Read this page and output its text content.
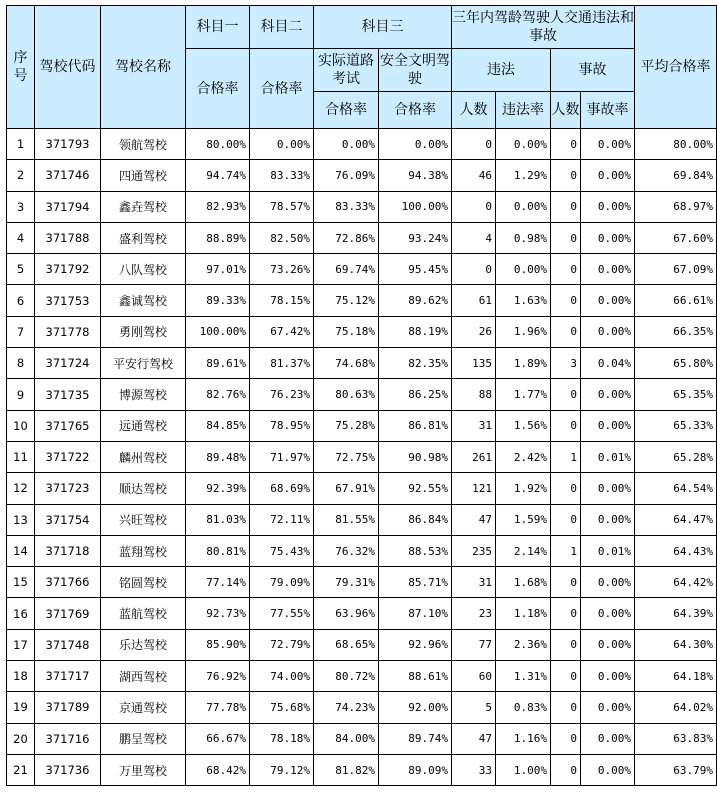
序号	驾校代码	驾校名称	科目一	科目二	科目三		三年内驾龄驾驶人交通违法和事故				平均合格率
			合格率	合格率	实际道路考试	安全文明驾驶	违法		事故		
					合格率	合格率	人数	违法率	人数	事故率	
1	371793	领航驾校	80.00%	0.00%	0.00%	0.00%	0	0.00%	0	0.00%	80.00%
2	371746	四通驾校	94.74%	83.33%	76.09%	94.38%	46	1.29%	0	0.00%	69.84%
3	371794	鑫垚驾校	82.93%	78.57%	83.33%	100.00%	0	0.00%	0	0.00%	68.97%
4	371788	盛利驾校	88.89%	82.50%	72.86%	93.24%	4	0.98%	0	0.00%	67.60%
5	371792	八队驾校	97.01%	73.26%	69.74%	95.45%	0	0.00%	0	0.00%	67.09%
6	371753	鑫诚驾校	89.33%	78.15%	75.12%	89.62%	61	1.63%	0	0.00%	66.61%
7	371778	勇刚驾校	100.00%	67.42%	75.18%	88.19%	26	1.96%	0	0.00%	66.35%
8	371724	平安行驾校	89.61%	81.37%	74.68%	82.35%	135	1.89%	3	0.04%	65.80%
9	371735	博源驾校	82.76%	76.23%	80.63%	86.25%	88	1.77%	0	0.00%	65.35%
10	371765	远通驾校	84.85%	78.95%	75.28%	86.81%	31	1.56%	0	0.00%	65.33%
11	371722	麟州驾校	89.48%	71.97%	72.75%	90.98%	261	2.42%	1	0.01%	65.28%
12	371723	顺达驾校	92.39%	68.69%	67.91%	92.55%	121	1.92%	0	0.00%	64.54%
13	371754	兴旺驾校	81.03%	72.11%	81.55%	86.84%	47	1.59%	0	0.00%	64.47%
14	371718	蓝翔驾校	80.81%	75.43%	76.32%	88.53%	235	2.14%	1	0.01%	64.43%
15	371766	铭圆驾校	77.14%	79.09%	79.31%	85.71%	31	1.68%	0	0.00%	64.42%
16	371769	蓝航驾校	92.73%	77.55%	63.96%	87.10%	23	1.18%	0	0.00%	64.39%
17	371748	乐达驾校	85.90%	72.79%	68.65%	92.96%	77	2.36%	0	0.00%	64.30%
18	371717	湖西驾校	76.92%	74.00%	80.72%	88.61%	60	1.31%	0	0.00%	64.18%
19	371789	京通驾校	77.78%	75.68%	74.23%	92.00%	5	0.83%	0	0.00%	64.02%
20	371716	鹏呈驾校	66.67%	78.18%	84.00%	89.74%	47	1.16%	0	0.00%	63.83%
21	371736	万里驾校	68.42%	79.12%	81.82%	89.09%	33	1.00%	0	0.00%	63.79%
